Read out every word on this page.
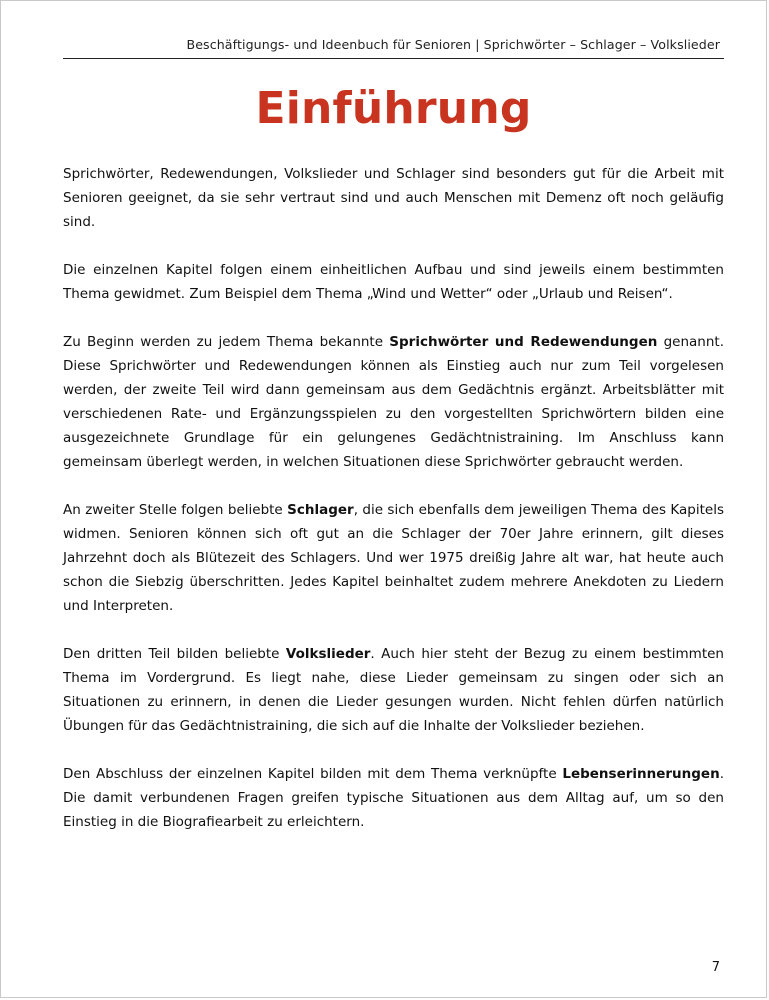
Beschäftigungs- und Ideenbuch für Senioren | Sprichwörter – Schlager – Volkslieder
Einführung

Sprichwörter, Redewendungen, Volkslieder und Schlager sind besonders gut für die Arbeit mit Senioren geeignet, da sie sehr vertraut sind und auch Menschen mit Demenz oft noch geläufig sind.

Die einzelnen Kapitel folgen einem einheitlichen Aufbau und sind jeweils einem bestimmten Thema gewidmet. Zum Beispiel dem Thema „Wind und Wetter“ oder „Urlaub und Reisen“.

Zu Beginn werden zu jedem Thema bekannte Sprichwörter und Redewendungen genannt. Diese Sprichwörter und Redewendungen können als Einstieg auch nur zum Teil vorgelesen werden, der zweite Teil wird dann gemeinsam aus dem Gedächtnis ergänzt. Arbeitsblätter mit verschiedenen Rate- und Ergänzungsspielen zu den vorgestellten Sprichwörtern bilden eine ausgezeichnete Grundlage für ein gelungenes Gedächtnistraining. Im Anschluss kann gemeinsam überlegt werden, in welchen Situationen diese Sprichwörter gebraucht werden.

An zweiter Stelle folgen beliebte Schlager, die sich ebenfalls dem jeweiligen Thema des Kapitels widmen. Senioren können sich oft gut an die Schlager der 70er Jahre erinnern, gilt dieses Jahrzehnt doch als Blütezeit des Schlagers. Und wer 1975 dreißig Jahre alt war, hat heute auch schon die Siebzig überschritten. Jedes Kapitel beinhaltet zudem mehrere Anekdoten zu Liedern und Interpreten.

Den dritten Teil bilden beliebte Volkslieder. Auch hier steht der Bezug zu einem bestimmten Thema im Vordergrund. Es liegt nahe, diese Lieder gemeinsam zu singen oder sich an Situationen zu erinnern, in denen die Lieder gesungen wurden. Nicht fehlen dürfen natürlich Übungen für das Gedächtnistraining, die sich auf die Inhalte der Volkslieder beziehen.

Den Abschluss der einzelnen Kapitel bilden mit dem Thema verknüpfte Lebenserinnerungen. Die damit verbundenen Fragen greifen typische Situationen aus dem Alltag auf, um so den Einstieg in die Biografiearbeit zu erleichtern.

7
